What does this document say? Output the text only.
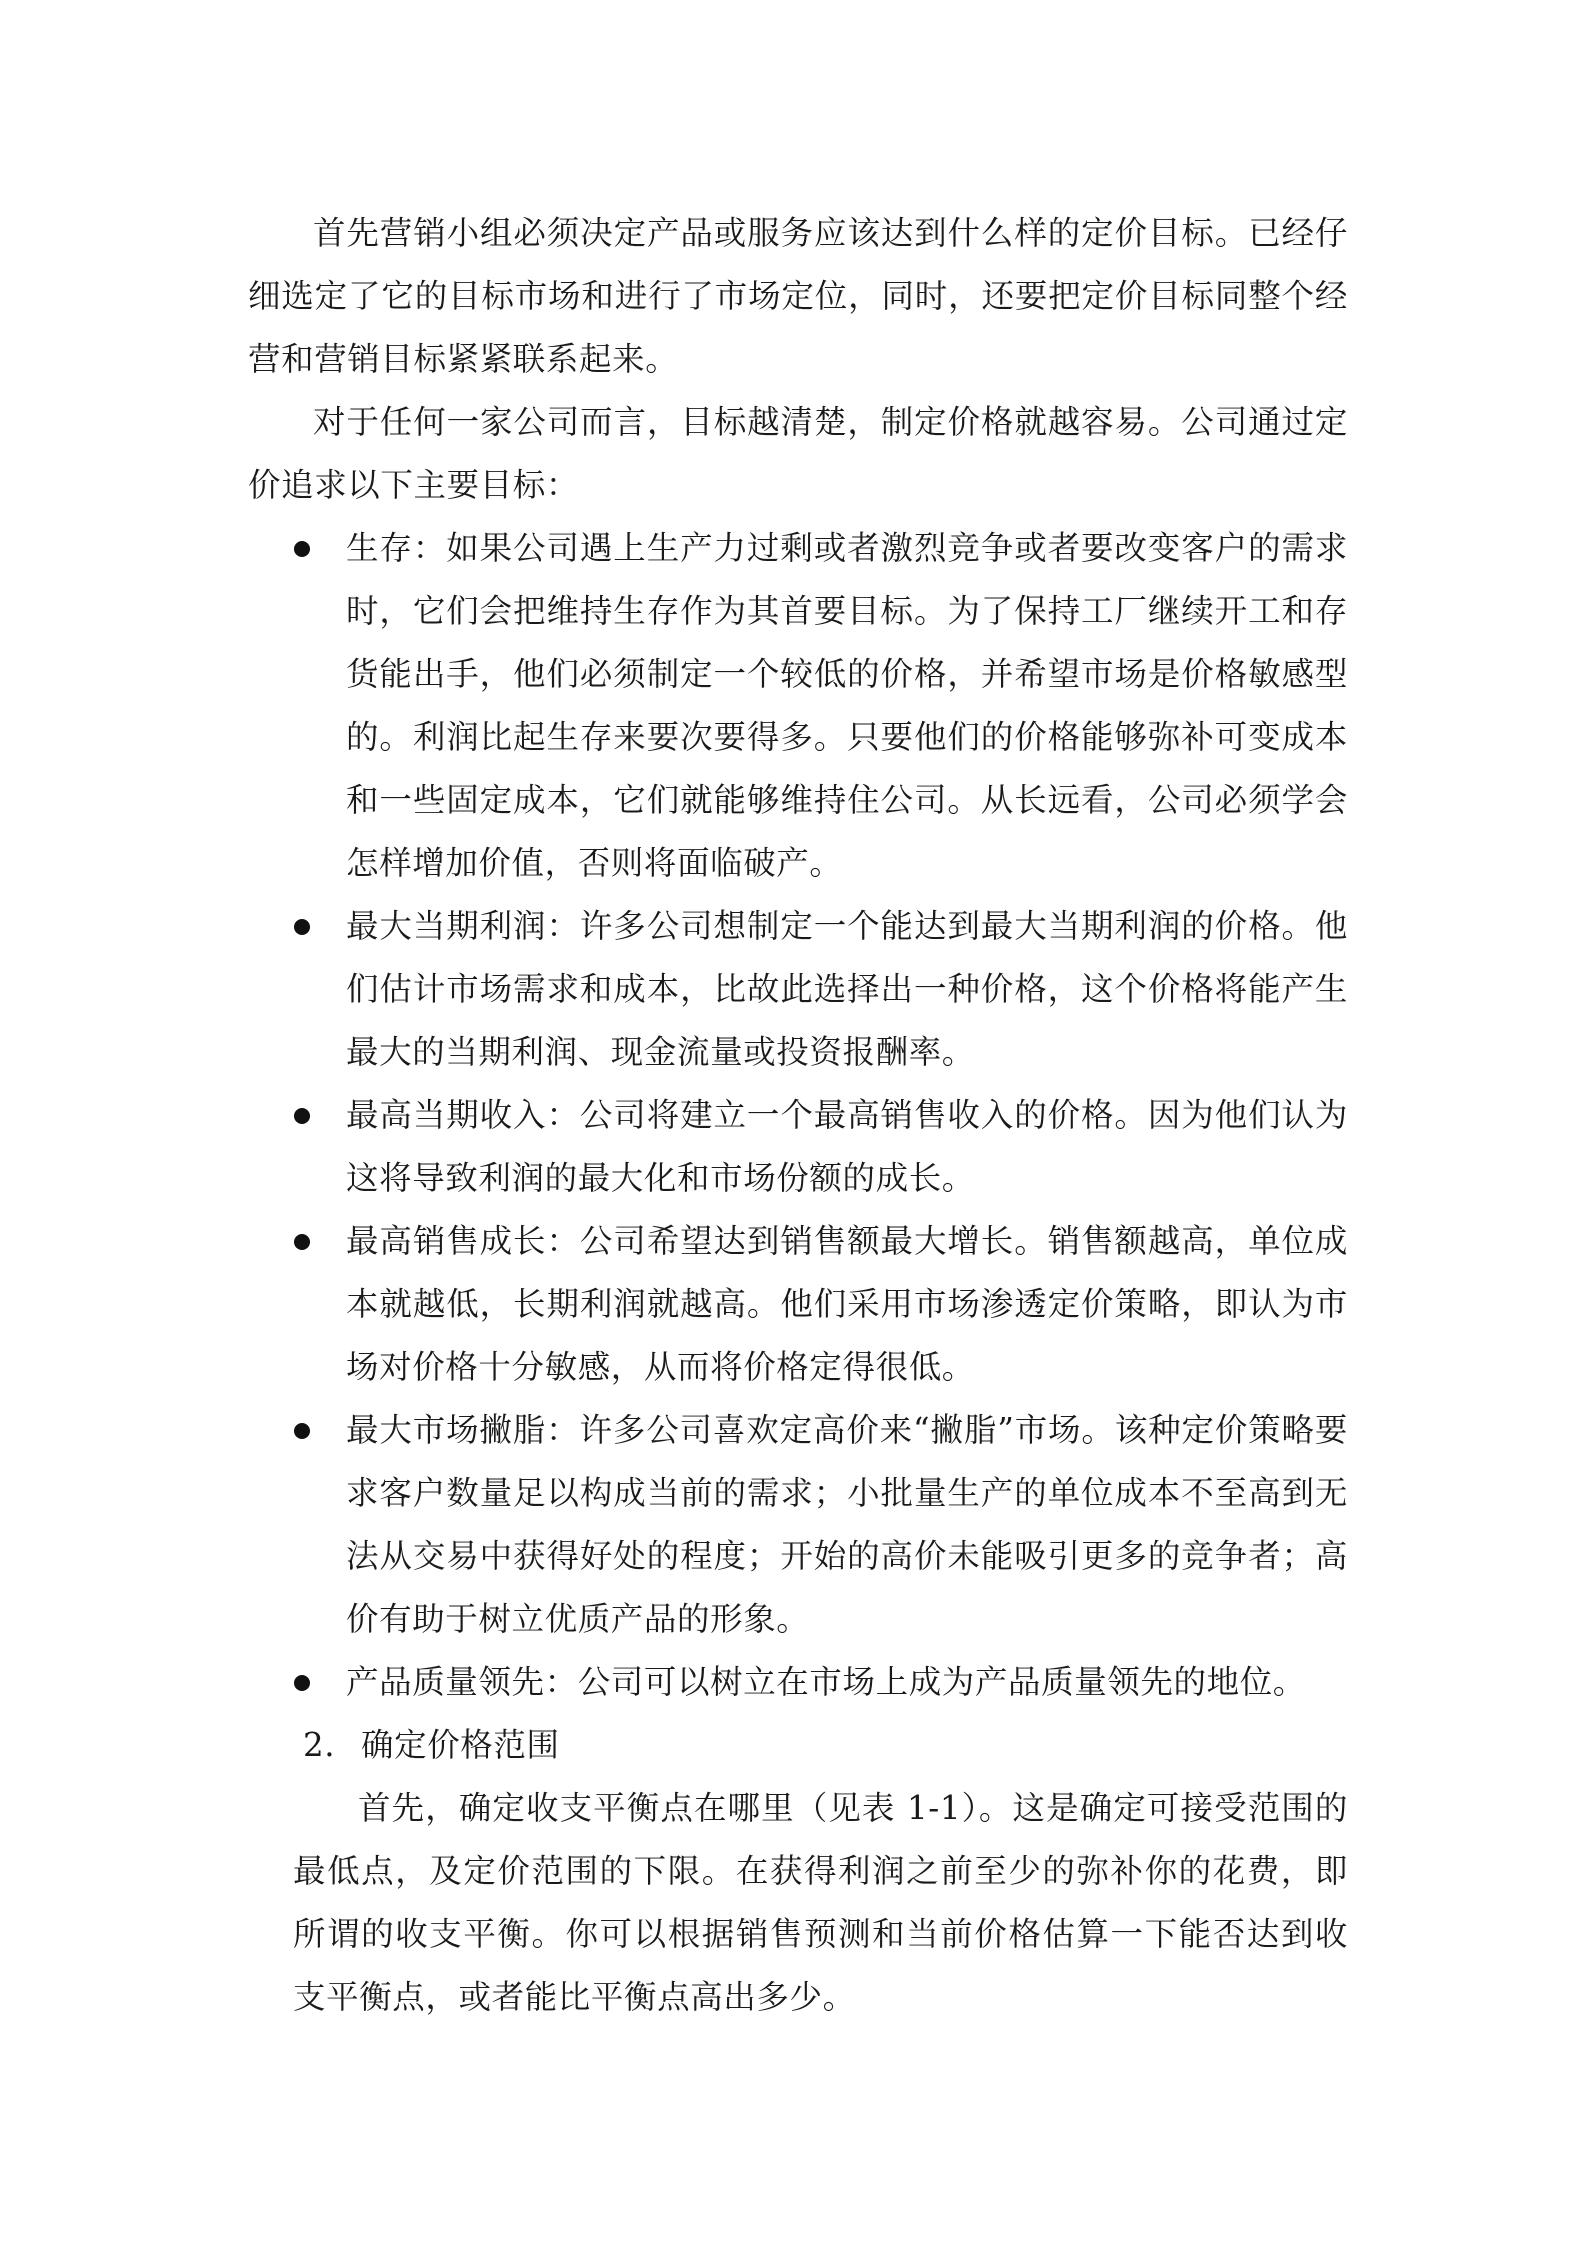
首先营销小组必须决定产品或服务应该达到什么样的定价目标。已经仔细选定了它的目标市场和进行了市场定位，同时，还要把定价目标同整个经营和营销目标紧紧联系起来。

对于任何一家公司而言，目标越清楚，制定价格就越容易。公司通过定价追求以下主要目标：

生存：如果公司遇上生产力过剩或者激烈竞争或者要改变客户的需求时，它们会把维持生存作为其首要目标。为了保持工厂继续开工和存货能出手，他们必须制定一个较低的价格，并希望市场是价格敏感型的。利润比起生存来要次要得多。只要他们的价格能够弥补可变成本和一些固定成本，它们就能够维持住公司。从长远看，公司必须学会怎样增加价值，否则将面临破产。
最大当期利润：许多公司想制定一个能达到最大当期利润的价格。他们估计市场需求和成本，比故此选择出一种价格，这个价格将能产生最大的当期利润、现金流量或投资报酬率。
最高当期收入：公司将建立一个最高销售收入的价格。因为他们认为这将导致利润的最大化和市场份额的成长。
最高销售成长：公司希望达到销售额最大增长。销售额越高，单位成本就越低，长期利润就越高。他们采用市场渗透定价策略，即认为市场对价格十分敏感，从而将价格定得很低。
最大市场撇脂：许多公司喜欢定高价来“撇脂”市场。该种定价策略要求客户数量足以构成当前的需求；小批量生产的单位成本不至高到无法从交易中获得好处的程度；开始的高价未能吸引更多的竞争者；高价有助于树立优质产品的形象。
产品质量领先：公司可以树立在市场上成为产品质量领先的地位。
2. 确定价格范围

首先，确定收支平衡点在哪里（见表 1-1）。这是确定可接受范围的最低点，及定价范围的下限。在获得利润之前至少的弥补你的花费，即所谓的收支平衡。你可以根据销售预测和当前价格估算一下能否达到收支平衡点，或者能比平衡点高出多少。
